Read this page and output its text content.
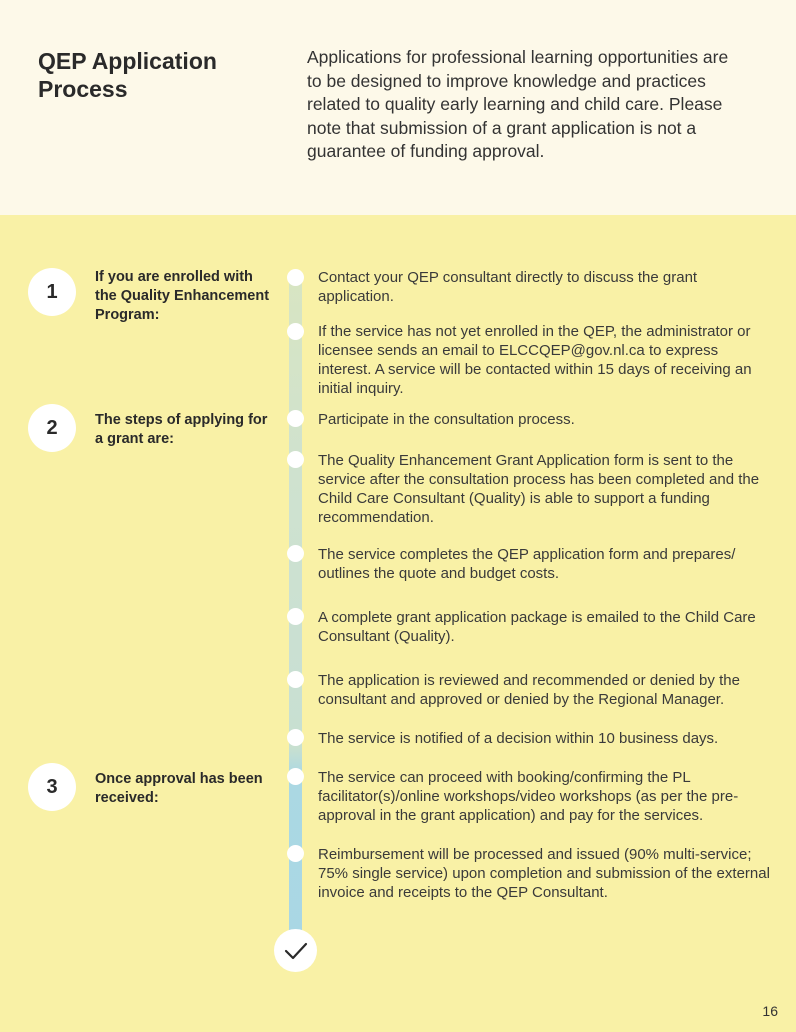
QEP Application Process

Applications for professional learning opportunities are to be designed to improve knowledge and practices related to quality early learning and child care. Please note that submission of a grant application is not a guarantee of funding approval.

1
If you are enrolled with the Quality Enhancement Program:
2	The steps of applying for a grant are:
3	Once approval has been received:

Contact your QEP consultant directly to discuss the grant application.

If the service has not yet enrolled in the QEP, the administrator or licensee sends an email to ELCCQEP@gov.nl.ca to express interest. A service will be contacted within 15 days of receiving an initial inquiry.

Participate in the consultation process.

The Quality Enhancement Grant Application form is sent to the service after the consultation process has been completed and the Child Care Consultant (Quality) is able to support a funding recommendation.

The service completes the QEP application form and prepares/ outlines the quote and budget costs.

A complete grant application package is emailed to the Child Care Consultant (Quality).

The application is reviewed and recommended or denied by the consultant and approved or denied by the Regional Manager.

The service is notified of a decision within 10 business days.

The service can proceed with booking/confirming the PL facilitator(s)/online workshops/video workshops (as per the pre-approval in the grant application) and pay for the services.

Reimbursement will be processed and issued (90% multi-service; 75% single service) upon completion and submission of the external invoice and receipts to the QEP Consultant.

16
